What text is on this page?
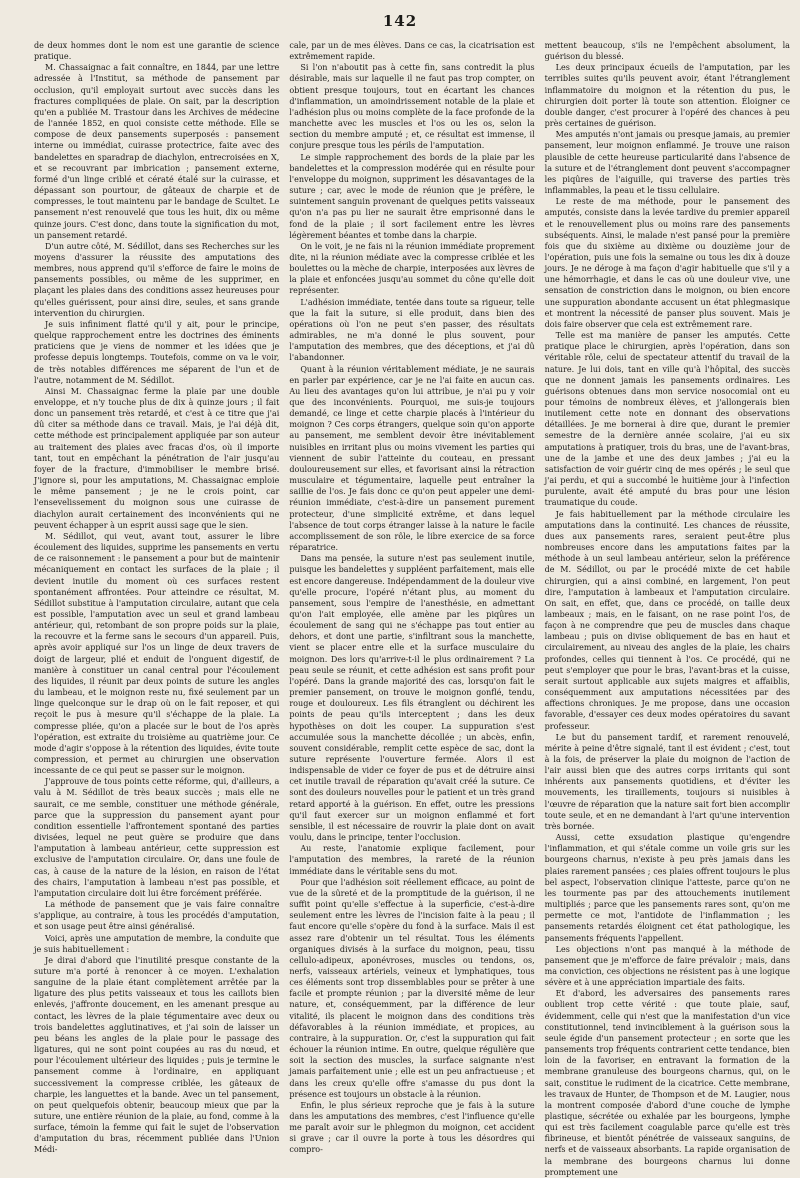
142

de deux hommes dont le nom est une garantie de science pratique.

M. Chassaignac a fait connaître, en 1844, par une lettre adressée à l'Institut, sa méthode de pansement par occlusion, qu'il employait surtout avec succès dans les fractures compliquées de plaie. On sait, par la description qu'en a publiée M. Trastour dans les Archives de médecine de l'année 1852, en quoi consiste cette méthode. Elle se compose de deux pansements superposés : pansement interne ou immédiat, cuirasse protectrice, faite avec des bandelettes en sparadrap de diachylon, entrecroisées en X, et se recouvrant par imbrication ; pansement externe, formé d'un linge criblé et cératé étalé sur la cuirasse, et dépassant son pourtour, de gâteaux de charpie et de compresses, le tout maintenu par le bandage de Scultet. Le pansement n'est renouvelé que tous les huit, dix ou même quinze jours. C'est donc, dans toute la signification du mot, un pansement retardé.

D'un autre côté, M. Sédillot, dans ses Recherches sur les moyens d'assurer la réussite des amputations des membres, nous apprend qu'il s'efforce de faire le moins de pansements possibles, ou même de les supprimer, en plaçant les plaies dans des conditions assez heureuses pour qu'elles guérissent, pour ainsi dire, seules, et sans grande intervention du chirurgien.

Je suis infiniment flatté qu'il y ait, pour le principe, quelque rapprochement entre les doctrines des éminents praticiens que je viens de nommer et les idées que je professe depuis longtemps. Toutefois, comme on va le voir, de très notables différences me séparent de l'un et de l'autre, notamment de M. Sédillot.

Ainsi M. Chassaignac ferme la plaie par une double enveloppe, et n'y touche plus de dix à quinze jours ; il fait donc un pansement très retardé, et c'est à ce titre que j'ai dû citer sa méthode dans ce travail. Mais, je l'ai déjà dit, cette méthode est principalement appliquée par son auteur au traitement des plaies avec fracas d'os, où il importe tant, tout en empêchant la pénétration de l'air jusqu'au foyer de la fracture, d'immobiliser le membre brisé. J'ignore si, pour les amputations, M. Chassaignac emploie le même pansement ; je ne le crois point, car l'ensevelissement du moignon sous une cuirasse de diachylon aurait certainement des inconvénients qui ne peuvent échapper à un esprit aussi sage que le sien.

M. Sédillot, qui veut, avant tout, assurer le libre écoulement des liquides, supprime les pansements en vertu de ce raisonnement : le pansement a pour but de maintenir mécaniquement en contact les surfaces de la plaie ; il devient inutile du moment où ces surfaces restent spontanément affrontées. Pour atteindre ce résultat, M. Sédillot substitue à l'amputation circulaire, autant que cela est possible, l'amputation avec un seul et grand lambeau antérieur, qui, retombant de son propre poids sur la plaie, la recouvre et la ferme sans le secours d'un appareil. Puis, après avoir appliqué sur l'os un linge de deux travers de doigt de largeur, plié et enduit de l'onguent digestif, de manière à constituer un canal central pour l'écoulement des liquides, il réunit par deux points de suture les angles du lambeau, et le moignon reste nu, fixé seulement par un linge quelconque sur le drap où on le fait reposer, et qui reçoit le pus à mesure qu'il s'échappe de la plaie. La compresse pliée, qu'on a placée sur le bout de l'os après l'opération, est extraite du troisième au quatrième jour. Ce mode d'agir s'oppose à la rétention des liquides, évite toute compression, et permet au chirurgien une observation incessante de ce qui peut se passer sur le moignon.

J'approuve de tous points cette réforme, qui, d'ailleurs, a valu à M. Sédillot de très beaux succès ; mais elle ne saurait, ce me semble, constituer une méthode générale, parce que la suppression du pansement ayant pour condition essentielle l'affrontement spontané des parties divisées, lequel ne peut guère se produire que dans l'amputation à lambeau antérieur, cette suppression est exclusive de l'amputation circulaire. Or, dans une foule de cas, à cause de la nature de la lésion, en raison de l'état des chairs, l'amputation à lambeau n'est pas possible, et l'amputation circulaire doit lui être forcément préférée.

La méthode de pansement que je vais faire connaître s'applique, au contraire, à tous les procédés d'amputation, et son usage peut être ainsi généralisé.

Voici, après une amputation de membre, la conduite que je suis habituellement :

Je dirai d'abord que l'inutilité presque constante de la suture m'a porté à renoncer à ce moyen. L'exhalation sanguine de la plaie étant complètement arrêtée par la ligature des plus petits vaisseaux et tous les caillots bien enlevés, j'affronte doucement, en les amenant presque au contact, les lèvres de la plaie tégumentaire avec deux ou trois bandelettes agglutinatives, et j'ai soin de laisser un peu béans les angles de la plaie pour le passage des ligatures, qui ne sont point coupées au ras du nœud, et pour l'écoulement ultérieur des liquides ; puis je termine le pansement comme à l'ordinaire, en appliquant successivement la compresse criblée, les gâteaux de charpie, les languettes et la bande. Avec un tel pansement, on peut quelquefois obtenir, beaucoup mieux que par la suture, une entière réunion de la plaie, au fond, comme à la surface, témoin la femme qui fait le sujet de l'observation d'amputation du bras, récemment publiée dans l'Union Médi-

cale, par un de mes élèves. Dans ce cas, la cicatrisation est extrêmement rapide.

Si l'on n'aboutit pas à cette fin, sans contredit la plus désirable, mais sur laquelle il ne faut pas trop compter, on obtient presque toujours, tout en écartant les chances d'inflammation, un amoindrissement notable de la plaie et l'adhésion plus ou moins complète de la face profonde de la manchette avec les muscles et l'os ou les os, selon la section du membre amputé ; et, ce résultat est immense, il conjure presque tous les périls de l'amputation.

Le simple rapprochement des bords de la plaie par les bandelettes et la compression modérée qui en résulte pour l'enveloppe du moignon, suppriment les désavantages de la suture ; car, avec le mode de réunion que je préfère, le suintement sanguin provenant de quelques petits vaisseaux qu'on n'a pas pu lier ne saurait être emprisonné dans le fond de la plaie ; il sort facilement entre les lèvres légèrement béantes et tombe dans la charpie.

On le voit, je ne fais ni la réunion immédiate proprement dite, ni la réunion médiate avec la compresse criblée et les boulettes ou la mèche de charpie, interposées aux lèvres de la plaie et enfoncées jusqu'au sommet du cône qu'elle doit représenter.

L'adhésion immédiate, tentée dans toute sa rigueur, telle que la fait la suture, si elle produit, dans bien des opérations où l'on ne peut s'en passer, des résultats admirables, ne m'a donné le plus souvent, pour l'amputation des membres, que des déceptions, et j'ai dû l'abandonner.

Quant à la réunion véritablement médiate, je ne saurais en parler par expérience, car je ne l'ai faite en aucun cas. Au lieu des avantages qu'on lui attribue, je n'ai pu y voir que des inconvénients. Pourquoi, me suis-je toujours demandé, ce linge et cette charpie placés à l'intérieur du moignon ? Ces corps étrangers, quelque soin qu'on apporte au pansement, me semblent devoir être inévitablement nuisibles en irritant plus ou moins vivement les parties qui viennent de subir l'atteinte du couteau, en pressant douloureusement sur elles, et favorisant ainsi la rétraction musculaire et tégumentaire, laquelle peut entraîner la saillie de l'os. Je fais donc ce qu'on peut appeler une demi-réunion immédiate, c'est-à-dire un pansement purement protecteur, d'une simplicité extrême, et dans lequel l'absence de tout corps étranger laisse à la nature le facile accomplissement de son rôle, le libre exercice de sa force réparatrice.

Dans ma pensée, la suture n'est pas seulement inutile, puisque les bandelettes y suppléent parfaitement, mais elle est encore dangereuse. Indépendamment de la douleur vive qu'elle procure, l'opéré n'étant plus, au moment du pansement, sous l'empire de l'anesthésie, en admettant qu'on l'ait employée, elle amène par les piqûres un écoulement de sang qui ne s'échappe pas tout entier au dehors, et dont une partie, s'infiltrant sous la manchette, vient se placer entre elle et la surface musculaire du moignon. Des lors qu'arrive-t-il le plus ordinairement ? La peau seule se réunit, et cette adhésion est sans profit pour l'opéré. Dans la grande majorité des cas, lorsqu'on fait le premier pansement, on trouve le moignon gonflé, tendu, rouge et douloureux. Les fils étranglent ou déchirent les points de peau qu'ils interceptent ; dans les deux hypothèses on doit les couper. La suppuration s'est accumulée sous la manchette décollée ; un abcès, enfin, souvent considérable, remplit cette espèce de sac, dont la suture représente l'ouverture fermée. Alors il est indispensable de vider ce foyer de pus et de détruire ainsi cet inutile travail de réparation qu'avait créé la suture. Ce sont des douleurs nouvelles pour le patient et un très grand retard apporté à la guérison. En effet, outre les pressions qu'il faut exercer sur un moignon enflammé et fort sensible, il est nécessaire de rouvrir la plaie dont on avait voulu, dans le principe, tenter l'occlusion.

Au reste, l'anatomie explique facilement, pour l'amputation des membres, la rareté de la réunion immédiate dans le véritable sens du mot.

Pour que l'adhésion soit réellement efficace, au point de vue de la sûreté et de la promptitude de la guérison, il ne suffit point qu'elle s'effectue à la superficie, c'est-à-dire seulement entre les lèvres de l'incision faite à la peau ; il faut encore qu'elle s'opère du fond à la surface. Mais il est assez rare d'obtenir un tel résultat. Tous les éléments organiques divisés à la surface du moignon, peau, tissu cellulo-adipeux, aponévroses, muscles ou tendons, os, nerfs, vaisseaux artériels, veineux et lymphatiques, tous ces éléments sont trop dissemblables pour se prêter à une facile et prompte réunion ; par la diversité même de leur nature, et, conséquemment, par la différence de leur vitalité, ils placent le moignon dans des conditions très défavorables à la réunion immédiate, et propices, au contraire, à la suppuration. Or, c'est la suppuration qui fait échouer la réunion intime. En outre, quelque régulière que soit la section des muscles, la surface saignante n'est jamais parfaitement unie ; elle est un peu anfractueuse ; et dans les creux qu'elle offre s'amasse du pus dont la présence est toujours un obstacle à la réunion.

Enfin, le plus sérieux reproche que je fais à la suture dans les amputations des membres, c'est l'influence qu'elle me paraît avoir sur le phlegmon du moignon, cet accident si grave ; car il ouvre la porte à tous les désordres qui compro-

mettent beaucoup, s'ils ne l'empêchent absolument, la guérison du blessé.

Les deux principaux écueils de l'amputation, par les terribles suites qu'ils peuvent avoir, étant l'étranglement inflammatoire du moignon et la rétention du pus, le chirurgien doit porter là toute son attention. Éloigner ce double danger, c'est procurer à l'opéré des chances à peu près certaines de guérison.

Mes amputés n'ont jamais ou presque jamais, au premier pansement, leur moignon enflammé. Je trouve une raison plausible de cette heureuse particularité dans l'absence de la suture et de l'étranglement dont peuvent s'accompagner les piqûres de l'aiguille, qui traverse des parties très inflammables, la peau et le tissu cellulaire.

Le reste de ma méthode, pour le pansement des amputés, consiste dans la levée tardive du premier appareil et le renouvellement plus ou moins rare des pansements subséquents. Ainsi, le malade n'est pansé pour la première fois que du sixième au dixième ou douzième jour de l'opération, puis une fois la semaine ou tous les dix à douze jours. Je ne déroge à ma façon d'agir habituelle que s'il y a une hémorrhagie, et dans le cas où une douleur vive, une sensation de constriction dans le moignon, ou bien encore une suppuration abondante accusent un état phlegmasique et montrent la nécessité de panser plus souvent. Mais je dois faire observer que cela est extrêmement rare.

Telle est ma manière de panser les amputés. Cette pratique place le chirurgien, après l'opération, dans son véritable rôle, celui de spectateur attentif du travail de la nature. Je lui dois, tant en ville qu'à l'hôpital, des succès que ne donnent jamais les pansements ordinaires. Les guérisons obtenues dans mon service nosocomial ont eu pour témoins de nombreux élèves, et j'allongerais bien inutilement cette note en donnant des observations détaillées. Je me bornerai à dire que, durant le premier semestre de la dernière année scolaire, j'ai eu six amputations à pratiquer, trois du bras, une de l'avant-bras, une de la jambe et une des deux jambes ; j'ai eu la satisfaction de voir guérir cinq de mes opérés ; le seul que j'ai perdu, et qui a succombé le huitième jour à l'infection purulente, avait été amputé du bras pour une lésion traumatique du coude.

Je fais habituellement par la méthode circulaire les amputations dans la continuité. Les chances de réussite, dues aux pansements rares, seraient peut-être plus nombreuses encore dans les amputations faites par la méthode à un seul lambeau antérieur, selon la préférence de M. Sédillot, ou par le procédé mixte de cet habile chirurgien, qui a ainsi combiné, en largement, l'on peut dire, l'amputation à lambeaux et l'amputation circulaire. On sait, en effet, que, dans ce procédé, on taille deux lambeaux ; mais, en le faisant, on ne rase point l'os, de façon à ne comprendre que peu de muscles dans chaque lambeau ; puis on divise obliquement de bas en haut et circulairement, au niveau des angles de la plaie, les chairs profondes, celles qui tiennent à l'os. Ce procédé, qui ne peut s'employer que pour le bras, l'avant-bras et la cuisse, serait surtout applicable aux sujets maigres et affaiblis, conséquemment aux amputations nécessitées par des affections chroniques. Je me propose, dans une occasion favorable, d'essayer ces deux modes opératoires du savant professeur.

Le but du pansement tardif, et rarement renouvelé, mérite à peine d'être signalé, tant il est évident ; c'est, tout à la fois, de préserver la plaie du moignon de l'action de l'air aussi bien que des autres corps irritants qui sont inhérents aux pansements quotidiens, et d'éviter les mouvements, les tiraillements, toujours si nuisibles à l'œuvre de réparation que la nature sait fort bien accomplir toute seule, et en ne demandant à l'art qu'une intervention très bornée.

Aussi, cette exsudation plastique qu'engendre l'inflammation, et qui s'étale comme un voile gris sur les bourgeons charnus, n'existe à peu près jamais dans les plaies rarement pansées ; ces plaies offrent toujours le plus bel aspect, l'observation clinique l'atteste, parce qu'on ne les tourmente pas par des attouchements inutilement multipliés ; parce que les pansements rares sont, qu'on me permette ce mot, l'antidote de l'inflammation ; les pansements retardés éloignent cet état pathologique, les pansements fréquents l'appellent.

Les objections n'ont pas manqué à la méthode de pansement que je m'efforce de faire prévaloir ; mais, dans ma conviction, ces objections ne résistent pas à une logique sévère et à une appréciation impartiale des faits.

Et d'abord, les adversaires des pansements rares oublient trop cette vérité : que toute plaie, sauf, évidemment, celle qui n'est que la manifestation d'un vice constitutionnel, tend invinciblement à la guérison sous la seule égide d'un pansement protecteur ; en sorte que les pansements trop fréquents contrarient cette tendance, bien loin de la favoriser, en entravant la formation de la membrane granuleuse des bourgeons charnus, qui, on le sait, constitue le rudiment de la cicatrice. Cette membrane, les travaux de Hunter, de Thompson et de M. Laugier, nous la montrent composée d'abord d'une couche de lymphe plastique, sécrétée ou exhalée par les bourgeons, lymphe qui est très facilement coagulable parce qu'elle est très fibrineuse, et bientôt pénétrée de vaisseaux sanguins, de nerfs et de vaisseaux absorbants. La rapide organisation de la membrane des bourgeons charnus lui donne promptement une
